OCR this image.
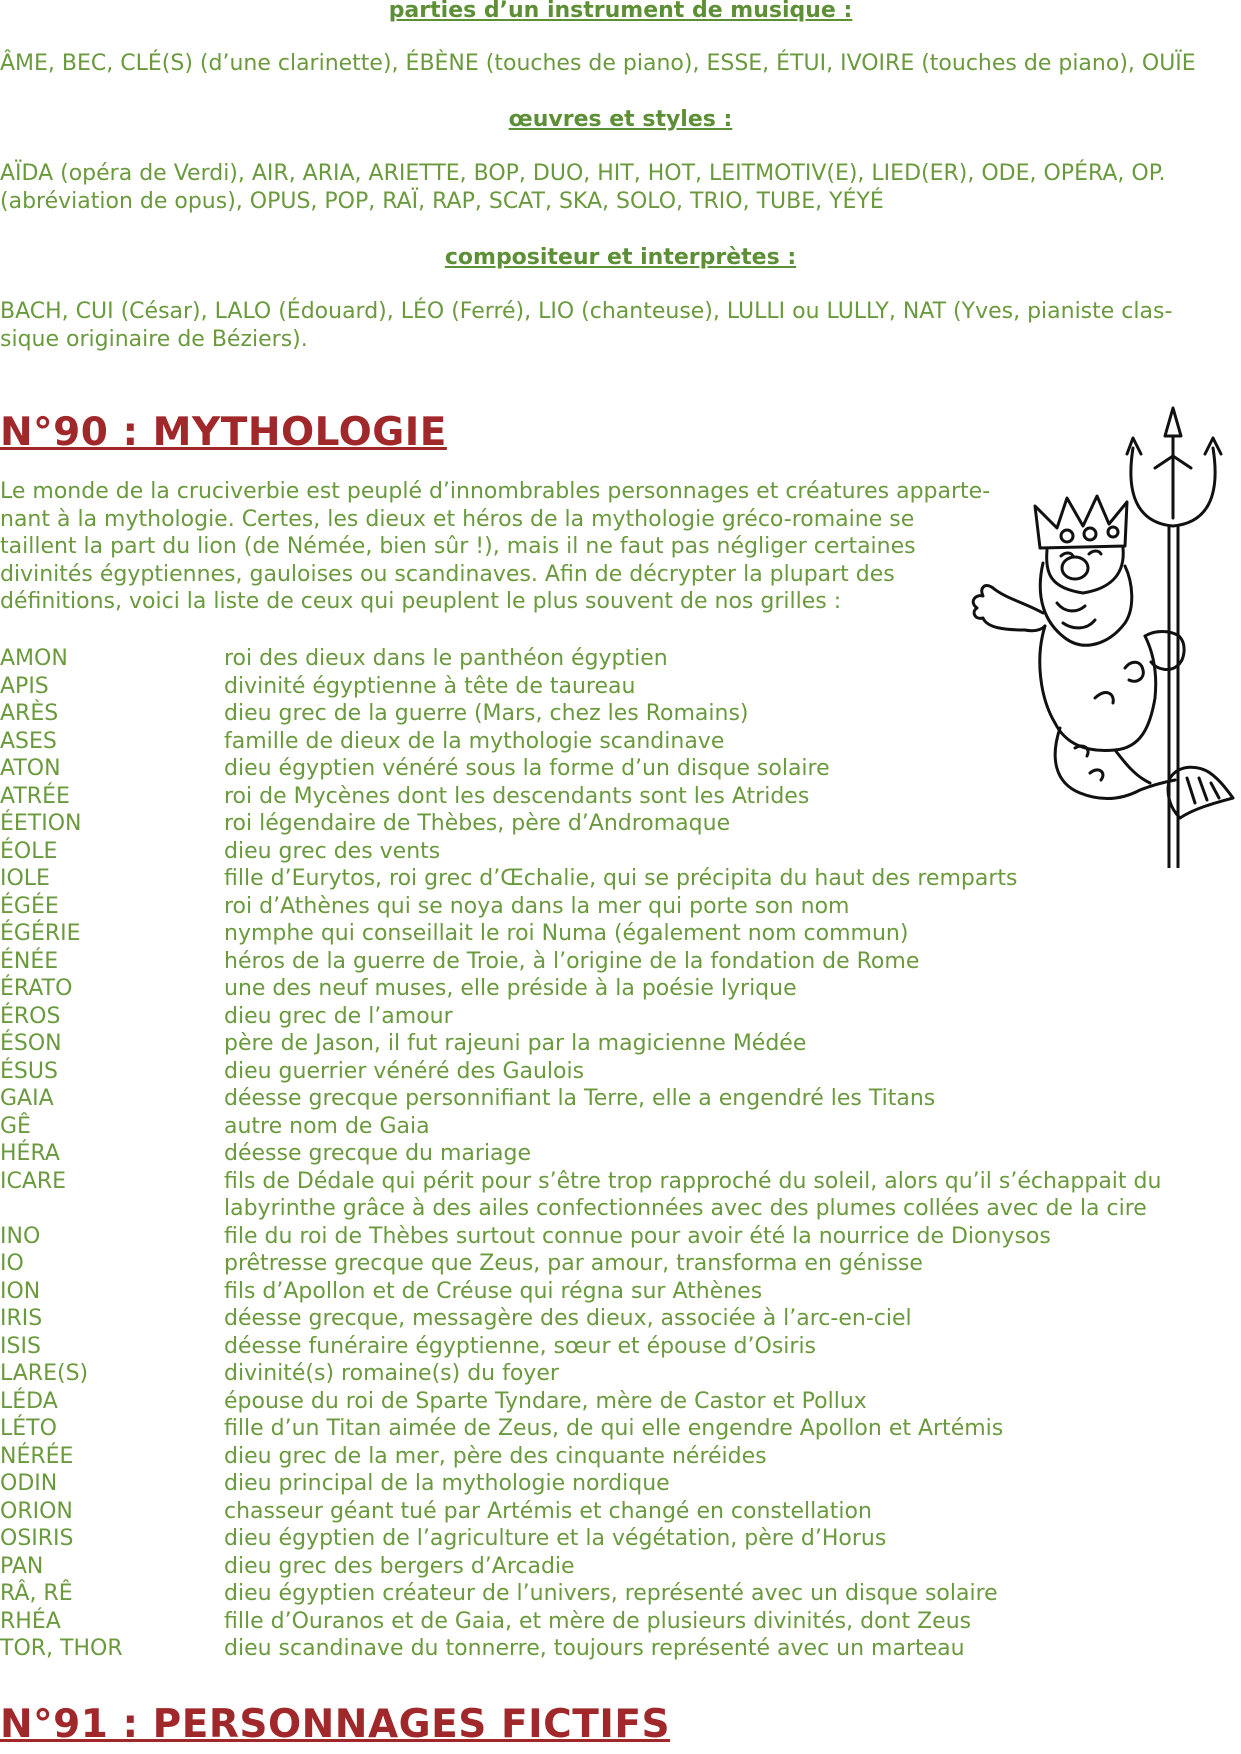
parties d’un instrument de musique :
ÂME, BEC, CLÉ(S) (d’une clarinette), ÉBÈNE (touches de piano), ESSE, ÉTUI, IVOIRE (touches de piano), OUÏE
œuvres et styles :
AÏDA (opéra de Verdi), AIR, ARIA, ARIETTE, BOP, DUO, HIT, HOT, LEITMOTIV(E), LIED(ER), ODE, OPÉRA, OP.
(abréviation de opus), OPUS, POP, RAÏ, RAP, SCAT, SKA, SOLO, TRIO, TUBE, YÉYÉ
compositeur et interprètes :
BACH, CUI (César), LALO (Édouard), LÉO (Ferré), LIO (chanteuse), LULLI ou LULLY, NAT (Yves, pianiste clas-
sique originaire de Béziers).
N°90 : MYTHOLOGIE
Le monde de la cruciverbie est peuplé d’innombrables personnages et créatures apparte-
nant à la mythologie. Certes, les dieux et héros de la mythologie gréco-romaine se
taillent la part du lion (de Némée, bien sûr !), mais il ne faut pas négliger certaines
divinités égyptiennes, gauloises ou scandinaves. Afin de décrypter la plupart des
définitions, voici la liste de ceux qui peuplent le plus souvent de nos grilles :
AMON	roi des dieux dans le panthéon égyptien
APIS	divinité égyptienne à tête de taureau
ARÈS	dieu grec de la guerre (Mars, chez les Romains)
ASES	famille de dieux de la mythologie scandinave
ATON	dieu égyptien vénéré sous la forme d’un disque solaire
ATRÉE	roi de Mycènes dont les descendants sont les Atrides
ÉETION	roi légendaire de Thèbes, père d’Andromaque
ÉOLE	dieu grec des vents
IOLE	fille d’Eurytos, roi grec d’Œchalie, qui se précipita du haut des remparts
ÉGÉE	roi d’Athènes qui se noya dans la mer qui porte son nom
ÉGÉRIE	nymphe qui conseillait le roi Numa (également nom commun)
ÉNÉE	héros de la guerre de Troie, à l’origine de la fondation de Rome
ÉRATO	une des neuf muses, elle préside à la poésie lyrique
ÉROS	dieu grec de l’amour
ÉSON	père de Jason, il fut rajeuni par la magicienne Médée
ÉSUS	dieu guerrier vénéré des Gaulois
GAIA	déesse grecque personnifiant la Terre, elle a engendré les Titans
GÊ	autre nom de Gaia
HÉRA	déesse grecque du mariage
ICARE	fils de Dédale qui périt pour s’être trop rapproché du soleil, alors qu’il s’échappait du labyrinthe grâce à des ailes confectionnées avec des plumes collées avec de la cire
INO	file du roi de Thèbes surtout connue pour avoir été la nourrice de Dionysos
IO	prêtresse grecque que Zeus, par amour, transforma en génisse
ION	fils d’Apollon et de Créuse qui régna sur Athènes
IRIS	déesse grecque, messagère des dieux, associée à l’arc-en-ciel
ISIS	déesse funéraire égyptienne, sœur et épouse d’Osiris
LARE(S)	divinité(s) romaine(s) du foyer
LÉDA	épouse du roi de Sparte Tyndare, mère de Castor et Pollux
LÉTO	fille d’un Titan aimée de Zeus, de qui elle engendre Apollon et Artémis
NÉRÉE	dieu grec de la mer, père des cinquante néréides
ODIN	dieu principal de la mythologie nordique
ORION	chasseur géant tué par Artémis et changé en constellation
OSIRIS	dieu égyptien de l’agriculture et la végétation, père d’Horus
PAN	dieu grec des bergers d’Arcadie
RÂ, RÊ	dieu égyptien créateur de l’univers, représenté avec un disque solaire
RHÉA	fille d’Ouranos et de Gaia, et mère de plusieurs divinités, dont Zeus
TOR, THOR	dieu scandinave du tonnerre, toujours représenté avec un marteau
N°91 : PERSONNAGES FICTIFS
